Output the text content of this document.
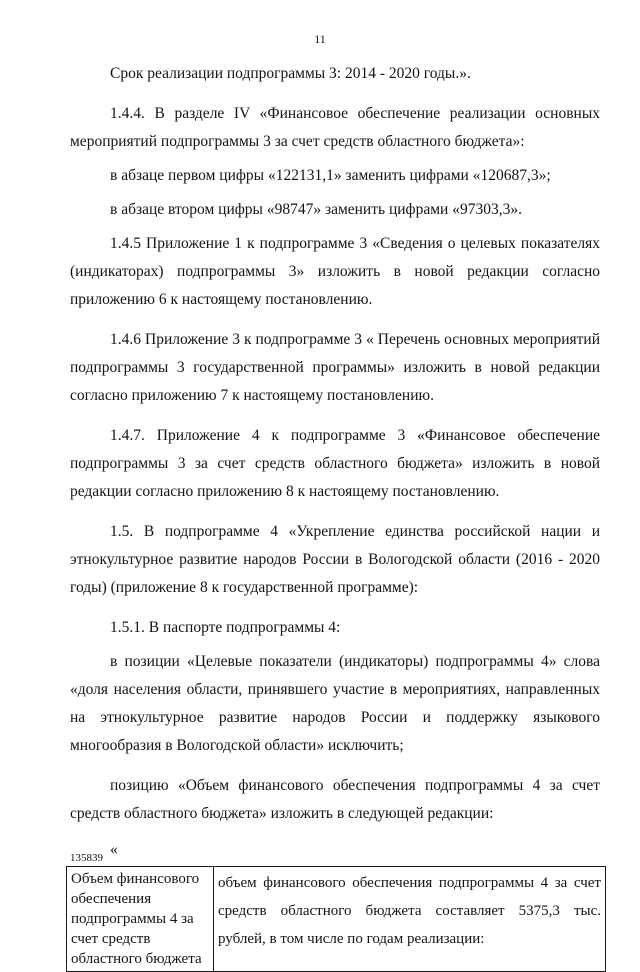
11

Срок реализации подпрограммы 3: 2014 - 2020 годы.».

1.4.4. В разделе IV «Финансовое обеспечение реализации основных мероприятий подпрограммы 3 за счет средств областного бюджета»:

в абзаце первом цифры «122131,1» заменить цифрами «120687,3»;

в абзаце втором цифры «98747» заменить цифрами «97303,3».

1.4.5 Приложение 1 к подпрограмме 3 «Сведения о целевых показателях (индикаторах) подпрограммы 3» изложить в новой редакции согласно приложению 6 к настоящему постановлению.

1.4.6 Приложение 3 к подпрограмме 3 « Перечень основных мероприятий подпрограммы 3 государственной программы» изложить в новой редакции согласно приложению 7 к настоящему постановлению.

1.4.7. Приложение 4 к подпрограмме 3 «Финансовое обеспечение подпрограммы 3 за счет средств областного бюджета» изложить в новой редакции согласно приложению 8 к настоящему постановлению.

1.5. В подпрограмме 4 «Укрепление единства российской нации и этнокультурное развитие народов России в Вологодской области (2016 - 2020 годы) (приложение 8 к государственной программе):

1.5.1. В паспорте подпрограммы 4:

в позиции «Целевые показатели (индикаторы) подпрограммы 4» слова «доля населения области, принявшего участие в мероприятиях, направленных на этнокультурное развитие народов России и поддержку языкового многообразия в Вологодской области» исключить;

позицию «Объем финансового обеспечения подпрограммы 4 за счет средств областного бюджета» изложить в следующей редакции:

«
Объем финансового обеспечения подпрограммы 4 за счет средств областного бюджета	объем финансового обеспечения подпрограммы 4 за счет средств областного бюджета составляет 5375,3 тыс. рублей, в том числе по годам реализации:
135839
